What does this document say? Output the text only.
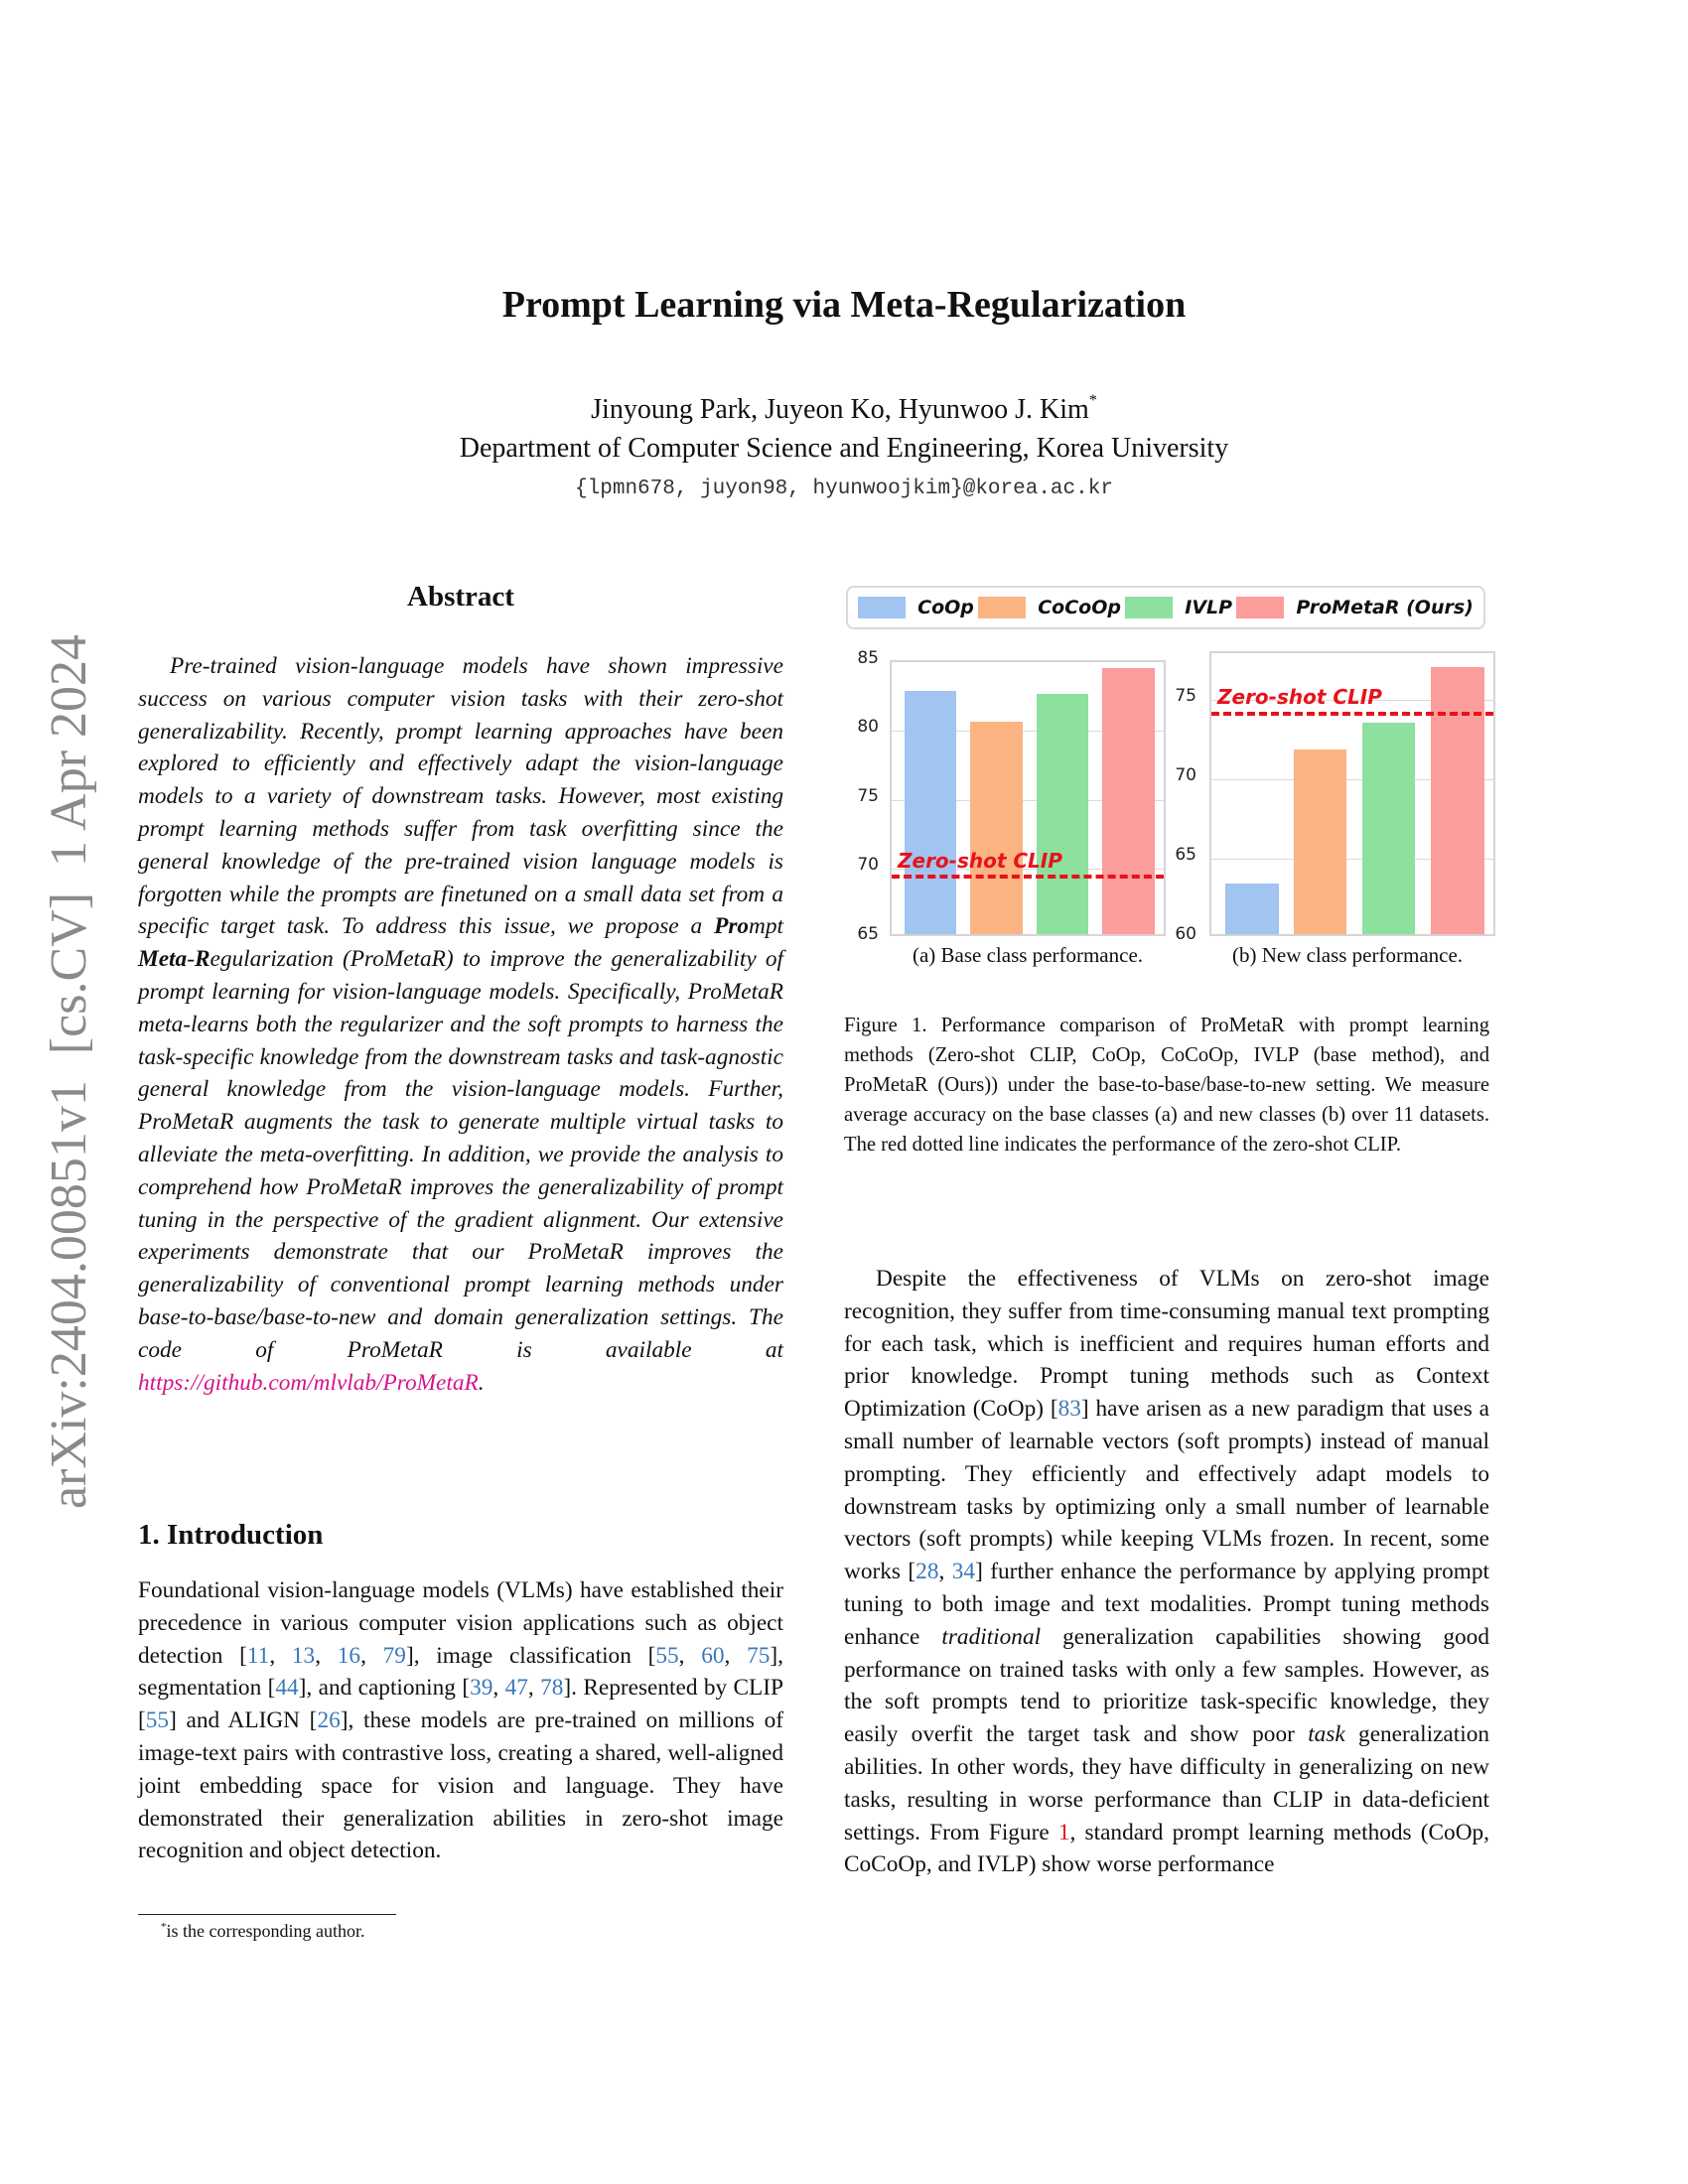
Prompt Learning via Meta-Regularization
Jinyoung Park, Juyeon Ko, Hyunwoo J. Kim*
Department of Computer Science and Engineering, Korea University
{lpmn678, juyon98, hyunwoojkim}@korea.ac.kr
arXiv:2404.00851v1  [cs.CV]  1 Apr 2024
Abstract
Pre-trained vision-language models have shown impressive success on various computer vision tasks with their zero-shot generalizability. Recently, prompt learning approaches have been explored to efficiently and effectively adapt the vision-language models to a variety of downstream tasks. However, most existing prompt learning methods suffer from task overfitting since the general knowledge of the pre-trained vision language models is forgotten while the prompts are finetuned on a small data set from a specific target task. To address this issue, we propose a Prompt Meta-Regularization (ProMetaR) to improve the generalizability of prompt learning for vision-language models. Specifically, ProMetaR meta-learns both the regularizer and the soft prompts to harness the task-specific knowledge from the downstream tasks and task-agnostic general knowledge from the vision-language models. Further, ProMetaR augments the task to generate multiple virtual tasks to alleviate the meta-overfitting. In addition, we provide the analysis to comprehend how ProMetaR improves the generalizability of prompt tuning in the perspective of the gradient alignment. Our extensive experiments demonstrate that our ProMetaR improves the generalizability of conventional prompt learning methods under base-to-base/base-to-new and domain generalization settings. The code of ProMetaR is available at https://github.com/mlvlab/ProMetaR.
1. Introduction
Foundational vision-language models (VLMs) have established their precedence in various computer vision applications such as object detection [11, 13, 16, 79], image classification [55, 60, 75], segmentation [44], and captioning [39, 47, 78]. Represented by CLIP [55] and ALIGN [26], these models are pre-trained on millions of image-text pairs with contrastive loss, creating a shared, well-aligned joint embedding space for vision and language. They have demonstrated their generalization abilities in zero-shot image recognition and object detection.
*is the corresponding author.
CoOp	CoCoOp	IVLP	ProMetaR (Ours)
85
80
75
70
65
Zero-shot CLIP
(a) Base class performance.
75
70
65
60
Zero-shot CLIP
(b) New class performance.
Figure 1. Performance comparison of ProMetaR with prompt learning methods (Zero-shot CLIP, CoOp, CoCoOp, IVLP (base method), and ProMetaR (Ours)) under the base-to-base/base-to-new setting. We measure average accuracy on the base classes (a) and new classes (b) over 11 datasets. The red dotted line indicates the performance of the zero-shot CLIP.
Despite the effectiveness of VLMs on zero-shot image recognition, they suffer from time-consuming manual text prompting for each task, which is inefficient and requires human efforts and prior knowledge. Prompt tuning methods such as Context Optimization (CoOp) [83] have arisen as a new paradigm that uses a small number of learnable vectors (soft prompts) instead of manual prompting. They efficiently and effectively adapt models to downstream tasks by optimizing only a small number of learnable vectors (soft prompts) while keeping VLMs frozen. In recent, some works [28, 34] further enhance the performance by applying prompt tuning to both image and text modalities. Prompt tuning methods enhance traditional generalization capabilities showing good performance on trained tasks with only a few samples. However, as the soft prompts tend to prioritize task-specific knowledge, they easily overfit the target task and show poor task generalization abilities. In other words, they have difficulty in generalizing on new tasks, resulting in worse performance than CLIP in data-deficient settings. From Figure 1, standard prompt learning methods (CoOp, CoCoOp, and IVLP) show worse performance
